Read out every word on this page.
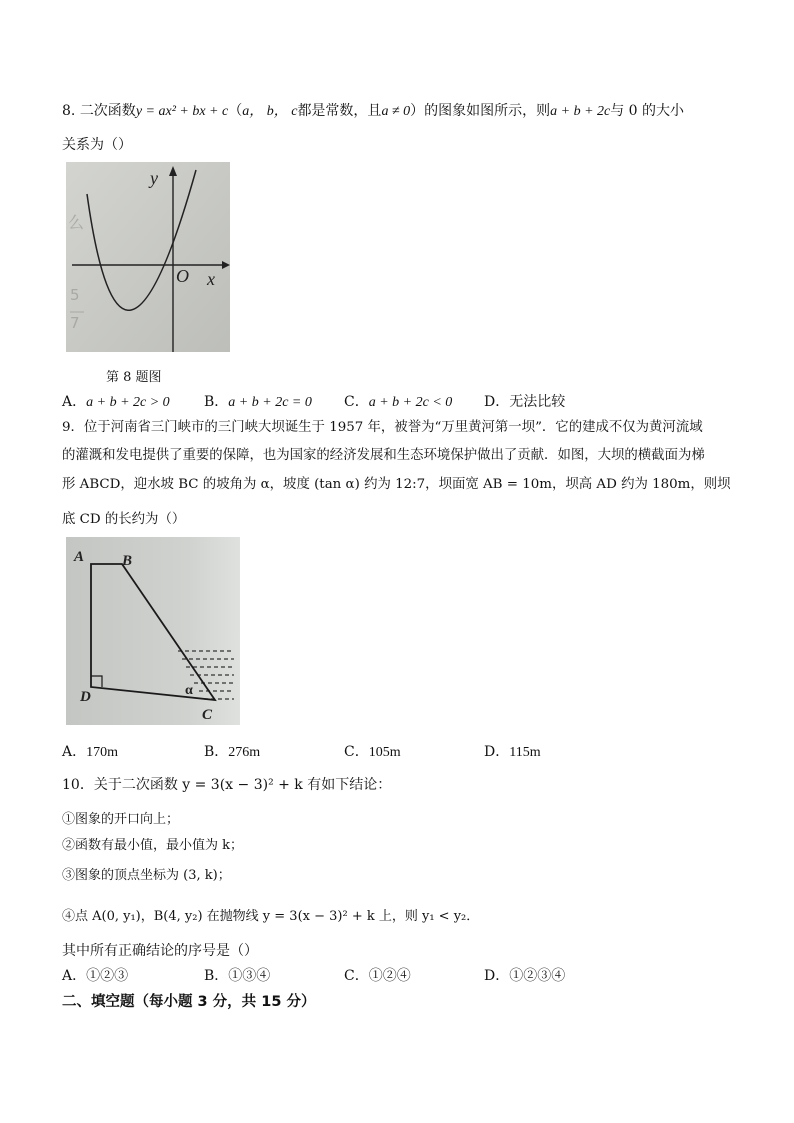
8. 二次函数y = ax² + bx + c（a， b， c都是常数，且a ≠ 0）的图象如图所示，则a + b + 2c与 0 的大小
关系为（）
么
5
7
y
x
O
第 8 题图
A．a + b + 2c > 0 B．a + b + 2c = 0 C．a + b + 2c < 0 D．无法比较
9．位于河南省三门峡市的三门峡大坝诞生于 1957 年，被誉为“万里黄河第一坝”．它的建成不仅为黄河流域
的灌溉和发电提供了重要的保障，也为国家的经济发展和生态环境保护做出了贡献．如图，大坝的横截面为梯
形 ABCD，迎水坡 BC 的坡角为 α，坡度 (tan α) 约为 12:7，坝面宽 AB = 10m，坝高 AD 约为 180m，则坝
底 CD 的长约为（）
A	B
D
C
α
A．170m	B．276m	C．105m	D．115m
10．关于二次函数 y = 3(x − 3)² + k 有如下结论：
①图象的开口向上；
②函数有最小值，最小值为 k；
③图象的顶点坐标为 (3, k)；
④点 A(0, y₁)，B(4, y₂) 在抛物线 y = 3(x − 3)² + k 上，则 y₁ < y₂．
其中所有正确结论的序号是（）
A．①②③	B．①③④	C．①②④	D．①②③④
二、填空题（每小题 3 分，共 15 分）
